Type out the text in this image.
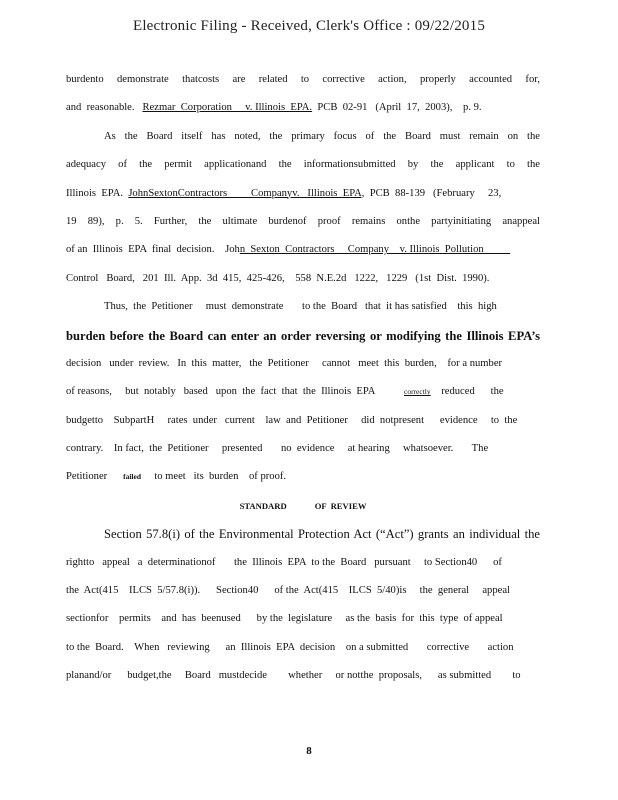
Electronic Filing - Received, Clerk's Office : 09/22/2015
burdento demonstrate thatcosts are related to corrective action, properly accounted for,
and  reasonable.   Rezmar  Corporation     v. Illinois  EPA.  PCB  02-91   (April  17,  2003),    p. 9.
As the Board itself has noted, the primary focus of the Board must remain on the
adequacy of the permit applicationand the informationsubmitted by the applicant to the
Illinois  EPA.  JohnSextonContractors         Companyv.   Illinois  EPA,  PCB  88-139   (February     23,
19 89), p. 5. Further, the ultimate burdenof proof remains onthe partyinitiating anappeal
of an  Illinois  EPA  final  decision.    John  Sexton  Contractors     Company    v. Illinois  Pollution
Control   Board,   201  Ill.  App.  3d  415,  425-426,    558  N.E.2d   1222,   1229   (1st  Dist.  1990).
Thus,  the  Petitioner     must  demonstrate       to the  Board   that  it has satisfied    this  high
burden before the Board can enter an order reversing or modifying the Illinois EPA’s
decision   under  review.   In  this  matter,   the  Petitioner     cannot   meet  this  burden,    for a number
of reasons,     but  notably   based   upon  the  fact  that  the  Illinois  EPA           correctly    reduced      the
budgetto    SubpartH     rates  under   current    law  and  Petitioner     did  notpresent      evidence     to  the
contrary.    In fact,  the  Petitioner     presented       no  evidence     at hearing     whatsoever.       The
Petitioner      failed     to meet   its  burden    of proof.
STANDARD	OF  REVIEW
Section 57.8(i) of the Environmental Protection Act (“Act”) grants an individual the
rightto   appeal   a  determinationof       the  Illinois  EPA  to the  Board   pursuant     to Section40      of
the  Act(415    ILCS  5/57.8(i)).      Section40      of the  Act(415    ILCS  5/40)is     the  general     appeal
sectionfor    permits    and  has  beenused      by the  legislature     as the  basis  for  this  type  of appeal
to the  Board.    When   reviewing      an  Illinois  EPA  decision    on a submitted       corrective       action
planand/or      budget,the     Board   mustdecide        whether     or notthe  proposals,      as submitted        to
8
